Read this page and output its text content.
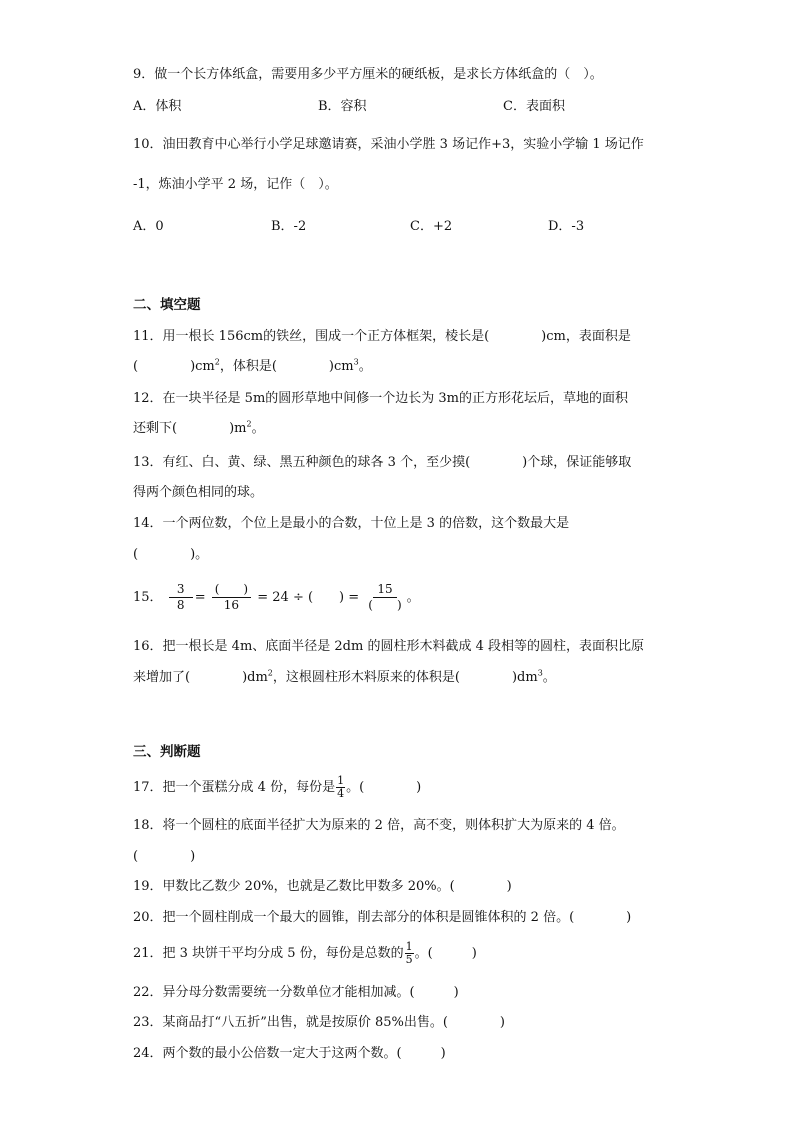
9．做一个长方体纸盒，需要用多少平方厘米的硬纸板，是求长方体纸盒的（　）。
A．体积	B．容积	C．表面积
10．油田教育中心举行小学足球邀请赛，采油小学胜 3 场记作+3，实验小学输 1 场记作
-1，炼油小学平 2 场，记作（　）。
A．0	B．-2	C．+2	D．-3
二、填空题
11．用一根长 156cm的铁丝，围成一个正方体框架，棱长是(　　　　)cm，表面积是
(　　　　)$cm^2$，体积是(　　　　)$cm^3$。
12．在一块半径是 5m的圆形草地中间修一个边长为 3m的正方形花坛后，草地的面积
还剩下(　　　　)$m^2$。
13．有红、白、黄、绿、黑五种颜色的球各 3 个，至少摸(　　　　)个球，保证能够取
得两个颜色相同的球。
14．一个两位数，个位上是最小的合数，十位上是 3 的倍数，这个数最大是
(　　　　)。
15． $\frac{3}{8} = \frac{( )}{16} = 24$ ÷ (　　) = $\frac{15}{( )}$ 。
16．把一根长是 4m、底面半径是 2dm 的圆柱形木料截成 4 段相等的圆柱，表面积比原
来增加了(　　　　)$dm^2$，这根圆柱形木料原来的体积是(　　　　)$dm^3$。
三、判断题
17．把一个蛋糕分成 4 份，每份是 $\frac{1}{4}$ 。(　　　　)
18．将一个圆柱的底面半径扩大为原来的 2 倍，高不变，则体积扩大为原来的 4 倍。
(　　　　)
19．甲数比乙数少 20%，也就是乙数比甲数多 20%。(　　　　)
20．把一个圆柱削成一个最大的圆锥，削去部分的体积是圆锥体积的 2 倍。(　　　　)
21．把 3 块饼干平均分成 5 份，每份是总数的 $\frac{1}{5}$ 。(　　　)
22．异分母分数需要统一分数单位才能相加减。(　　　)
23．某商品打“八五折”出售，就是按原价 85%出售。(　　　　)
24．两个数的最小公倍数一定大于这两个数。(　　　)
